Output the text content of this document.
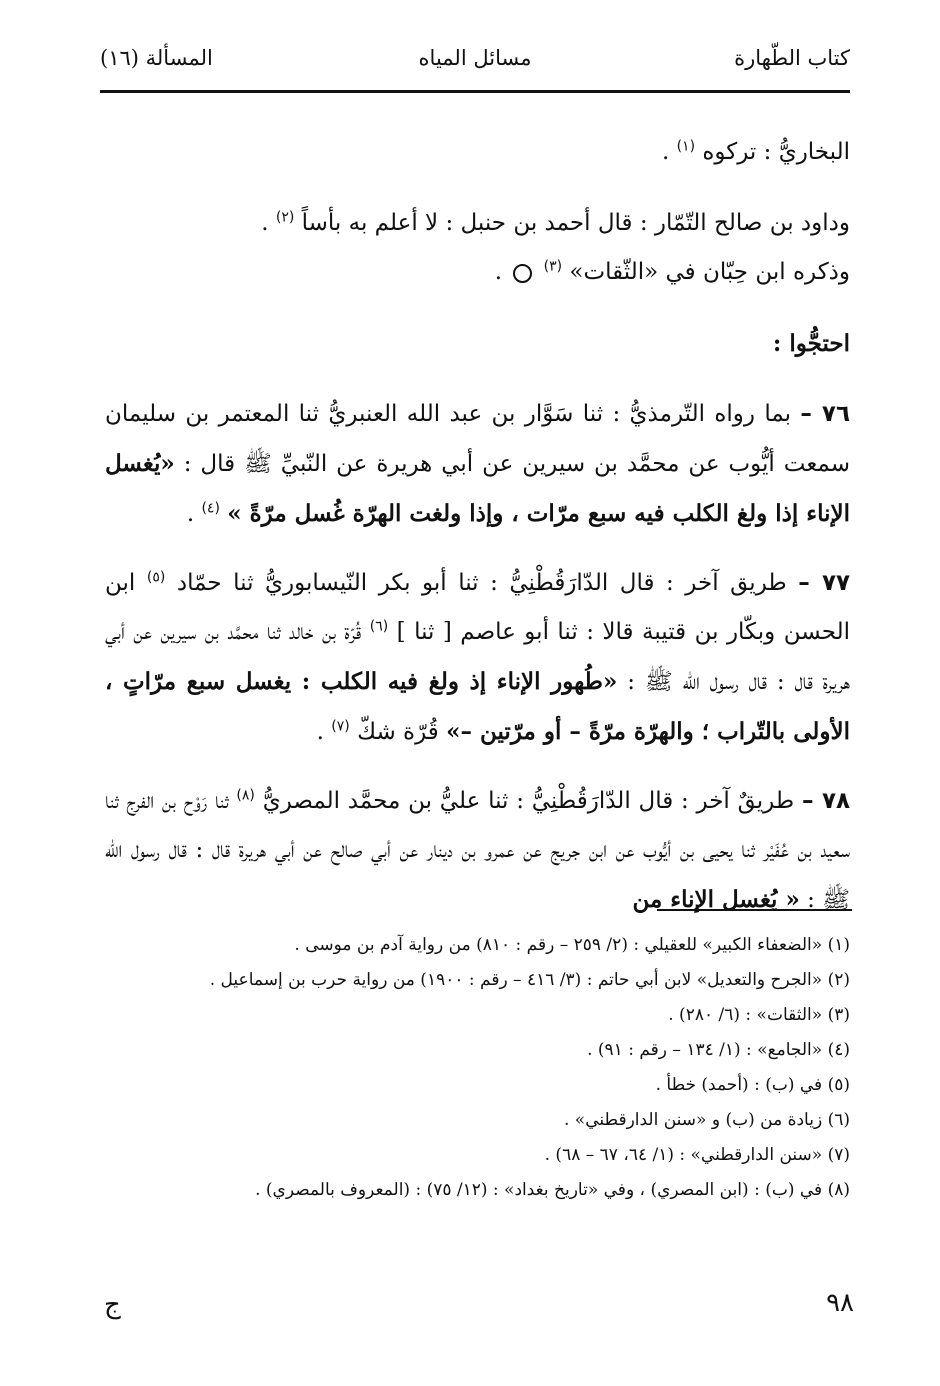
كتاب الطّهارة
مسائل المياه
المسألة (١٦)

البخاريُّ : تركوه $^{(١)}$ .

وداود بن صالح التّمّار : قال أحمد بن حنبل : لا أعلم به بأساً $^{(٢)}$ .
وذكره ابن حِبّان في «الثّقات» $^{(٣)}$  .

احتجُّوا :

٧٦ – بما رواه التّرمذيُّ : ثنا سَوَّار بن عبد الله العنبريُّ ثنا المعتمر بن سليمان سمعت أيُّوب عن محمَّد بن سيرين عن أبي هريرة عن النّبيِّ ﷺ قال : «يُغسل الإناء إذا ولغ الكلب فيه سبع مرّات ، وإذا ولغت الهرّة غُسل مرّةً » $^{(٤)}$ .

٧٧ – طريق آخر : قال الدّارَقُطْنِيُّ : ثنا أبو بكر النّيسابوريُّ ثنا حمّاد $^{(٥)}$ ابن الحسن وبكّار بن قتيبة قالا : ثنا أبو عاصم [ ثنا ] $^{(٦)}$ قُرّة بن خالد ثنا محمَّد بن سيرين عن أبي هريرة قال : قال رسول الله ﷺ : «طُهور الإناء إذ ولغ فيه الكلب : يغسل سبع مرّاتٍ ، الأولى بالتّراب ؛ والهرّة مرّةً – أو مرّتين –» قُرّة شكّ $^{(٧)}$ .

٧٨ – طريقٌ آخر : قال الدّارَقُطْنِيُّ : ثنا عليُّ بن محمَّد المصريُّ $^{(٨)}$ ثنا رَوْح بن الفرج ثنا سعيد بن عُفَيْر ثنا يحيى بن أيُّوب عن ابن جريج عن عمرو بن دينار عن أبي صالح عن أبي هريرة قال : قال رسول الله ﷺ : « يُغسل الإناء من

(١) «الضعفاء الكبير» للعقيلي : (٢/ ٢٥٩ – رقم : ٨١٠) من رواية آدم بن موسى .
(٢) «الجرح والتعديل» لابن أبي حاتم : (٣/ ٤١٦ – رقم : ١٩٠٠) من رواية حرب بن إسماعيل .
(٣) «الثقات» : (٦/ ٢٨٠) .
(٤) «الجامع» : (١/ ١٣٤ – رقم : ٩١) .
(٥) في (ب) : (أحمد) خطأ .
(٦) زيادة من (ب) و «سنن الدارقطني» .
(٧) «سنن الدارقطني» : (١/ ٦٤، ٦٧ – ٦٨) .
(٨) في (ب) : (ابن المصري) ، وفي «تاريخ بغداد» : (١٢/ ٧٥) : (المعروف بالمصري) .
٩٨
ج
